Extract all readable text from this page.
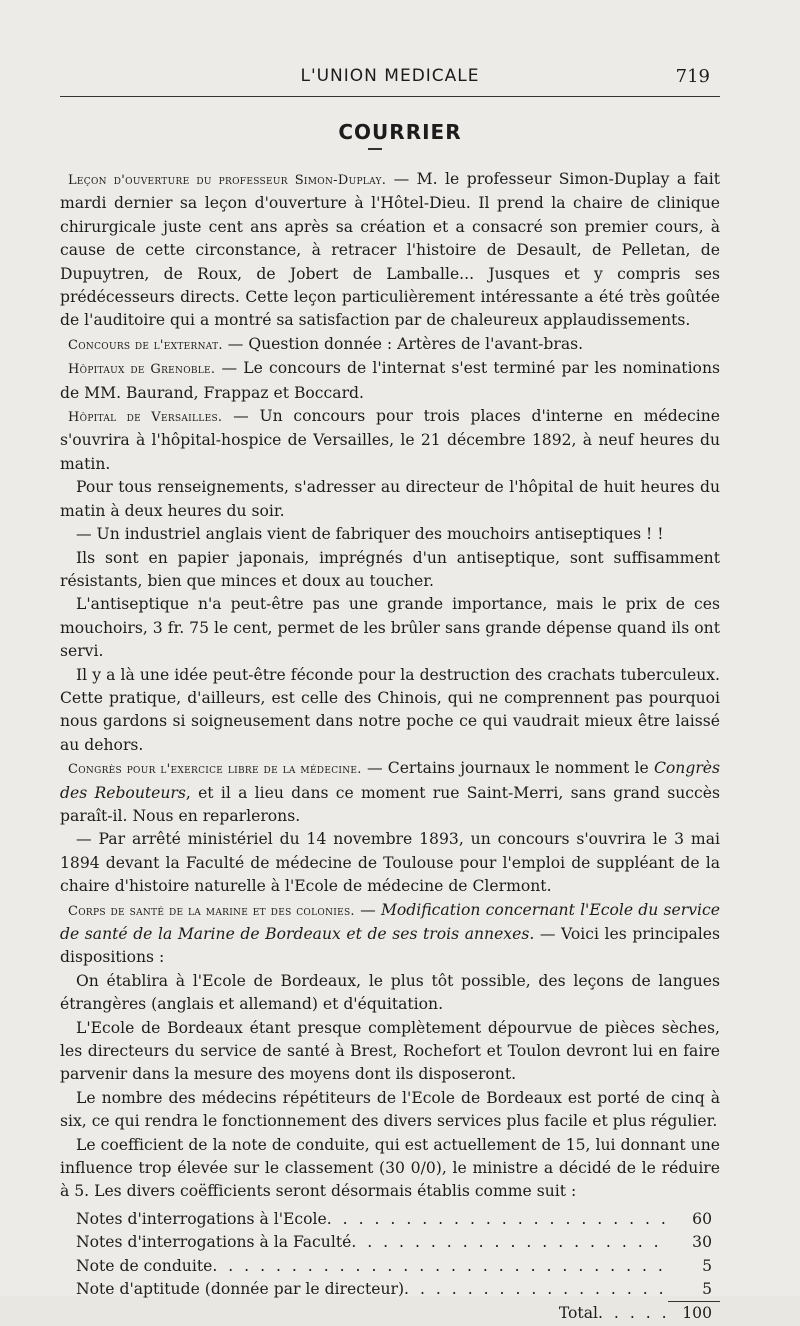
L'UNION MEDICALE	719
COURRIER

Leçon d'ouverture du professeur Simon-Duplay. — M. le professeur Simon-Duplay a fait mardi dernier sa leçon d'ouverture à l'Hôtel-Dieu. Il prend la chaire de clinique chirurgicale juste cent ans après sa création et a consacré son premier cours, à cause de cette circonstance, à retracer l'histoire de Desault, de Pelletan, de Dupuytren, de Roux, de Jobert de Lamballe... Jusques et y compris ses prédécesseurs directs. Cette leçon particulièrement intéressante a été très goûtée de l'auditoire qui a montré sa satisfaction par de chaleureux applaudissements.

Concours de l'externat. — Question donnée : Artères de l'avant-bras.

Hôpitaux de Grenoble. — Le concours de l'internat s'est terminé par les nominations de MM. Baurand, Frappaz et Boccard.

Hôpital de Versailles. — Un concours pour trois places d'interne en médecine s'ouvrira à l'hôpital-hospice de Versailles, le 21 décembre 1892, à neuf heures du matin.

Pour tous renseignements, s'adresser au directeur de l'hôpital de huit heures du matin à deux heures du soir.

— Un industriel anglais vient de fabriquer des mouchoirs antiseptiques ! !

Ils sont en papier japonais, imprégnés d'un antiseptique, sont suffisamment résistants, bien que minces et doux au toucher.

L'antiseptique n'a peut-être pas une grande importance, mais le prix de ces mouchoirs, 3 fr. 75 le cent, permet de les brûler sans grande dépense quand ils ont servi.

Il y a là une idée peut-être féconde pour la destruction des crachats tuberculeux. Cette pratique, d'ailleurs, est celle des Chinois, qui ne comprennent pas pourquoi nous gardons si soigneusement dans notre poche ce qui vaudrait mieux être laissé au dehors.

Congrès pour l'exercice libre de la médecine. — Certains journaux le nomment le Congrès des Rebouteurs, et il a lieu dans ce moment rue Saint-Merri, sans grand succès paraît-il. Nous en reparlerons.

— Par arrêté ministériel du 14 novembre 1893, un concours s'ouvrira le 3 mai 1894 devant la Faculté de médecine de Toulouse pour l'emploi de suppléant de la chaire d'histoire naturelle à l'Ecole de médecine de Clermont.

Corps de santé de la marine et des colonies. — Modification concernant l'Ecole du service de santé de la Marine de Bordeaux et de ses trois annexes. — Voici les principales dispositions :

On établira à l'Ecole de Bordeaux, le plus tôt possible, des leçons de langues étrangères (anglais et allemand) et d'équitation.

L'Ecole de Bordeaux étant presque complètement dépourvue de pièces sèches, les directeurs du service de santé à Brest, Rochefort et Toulon devront lui en faire parvenir dans la mesure des moyens dont ils disposeront.

Le nombre des médecins répétiteurs de l'Ecole de Bordeaux est porté de cinq à six, ce qui rendra le fonctionnement des divers services plus facile et plus régulier.

Le coefficient de la note de conduite, qui est actuellement de 15, lui donnant une influence trop élevée sur le classement (30 0/0), le ministre a décidé de le réduire à 5. Les divers coëfficients seront désormais établis comme suit :

Notes d'interrogations à l'Ecole . . .	60
Notes d'interrogations à la Faculté . . .	30
Note de conduite . . .	5
Note d'aptitude (donnée par le directeur) . . .	5
Total . . .	100
